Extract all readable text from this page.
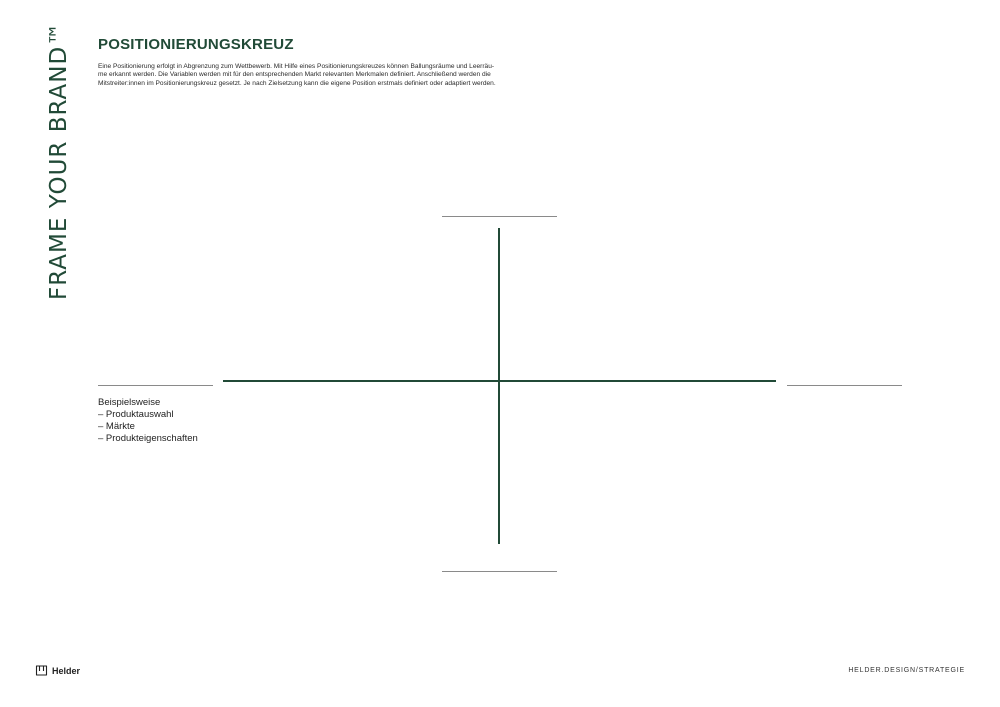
FRAME YOUR BRAND™ POSITIONIERUNGSKREUZ
Eine Positionierung erfolgt in Abgrenzung zum Wettbewerb. Mit Hilfe eines Positionierungskreuzes können Ballungsräume und Leerräu-
me erkannt werden. Die Variablen werden mit für den entsprechenden Markt relevanten Merkmalen definiert. Anschließend werden die
Mitstreiter:innen im Positionierungskreuz gesetzt. Je nach Zielsetzung kann die eigene Position erstmals definiert oder adaptiert werden.
Beispielsweise
– Produktauswahl
– Märkte
– Produkteigenschaften
Helder	HELDER.DESIGN/STRATEGIE
